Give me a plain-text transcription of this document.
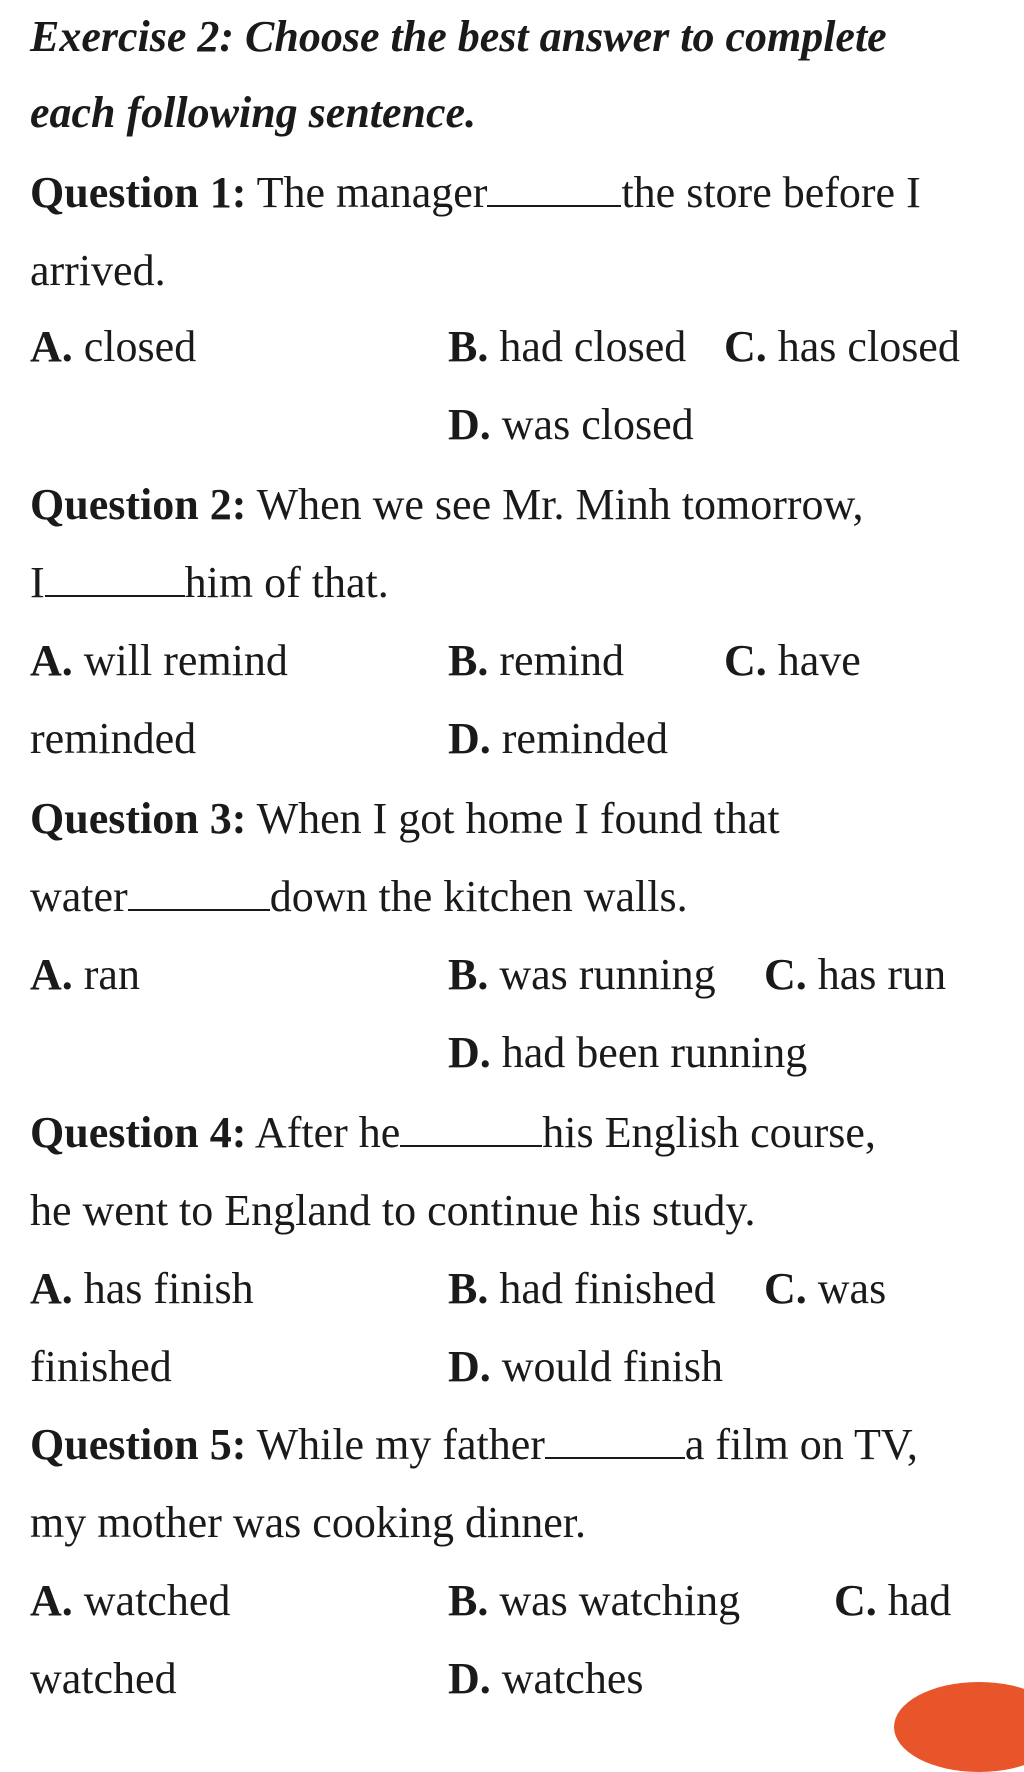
Exercise 2: Choose the best answer to complete
each following sentence.
Question 1: The manager	the store before I
arrived.
A. closed	B. had closed C. has closed
D. was closed
Question 2: When we see Mr. Minh tomorrow,
I	him of that.
A. will remind	B. remind C. have
reminded	D. reminded
Question 3: When I got home I found that
water	down the kitchen walls.
A. ran	B. was running C. has run
D. had been running
Question 4: After he	his English course,
he went to England to continue his study.
A. has finish	B. had finished C. was
finished	D. would finish
Question 5: While my father	a film on TV,
my mother was cooking dinner.
A. watched	B. was watching C. had
watched	D. watches
